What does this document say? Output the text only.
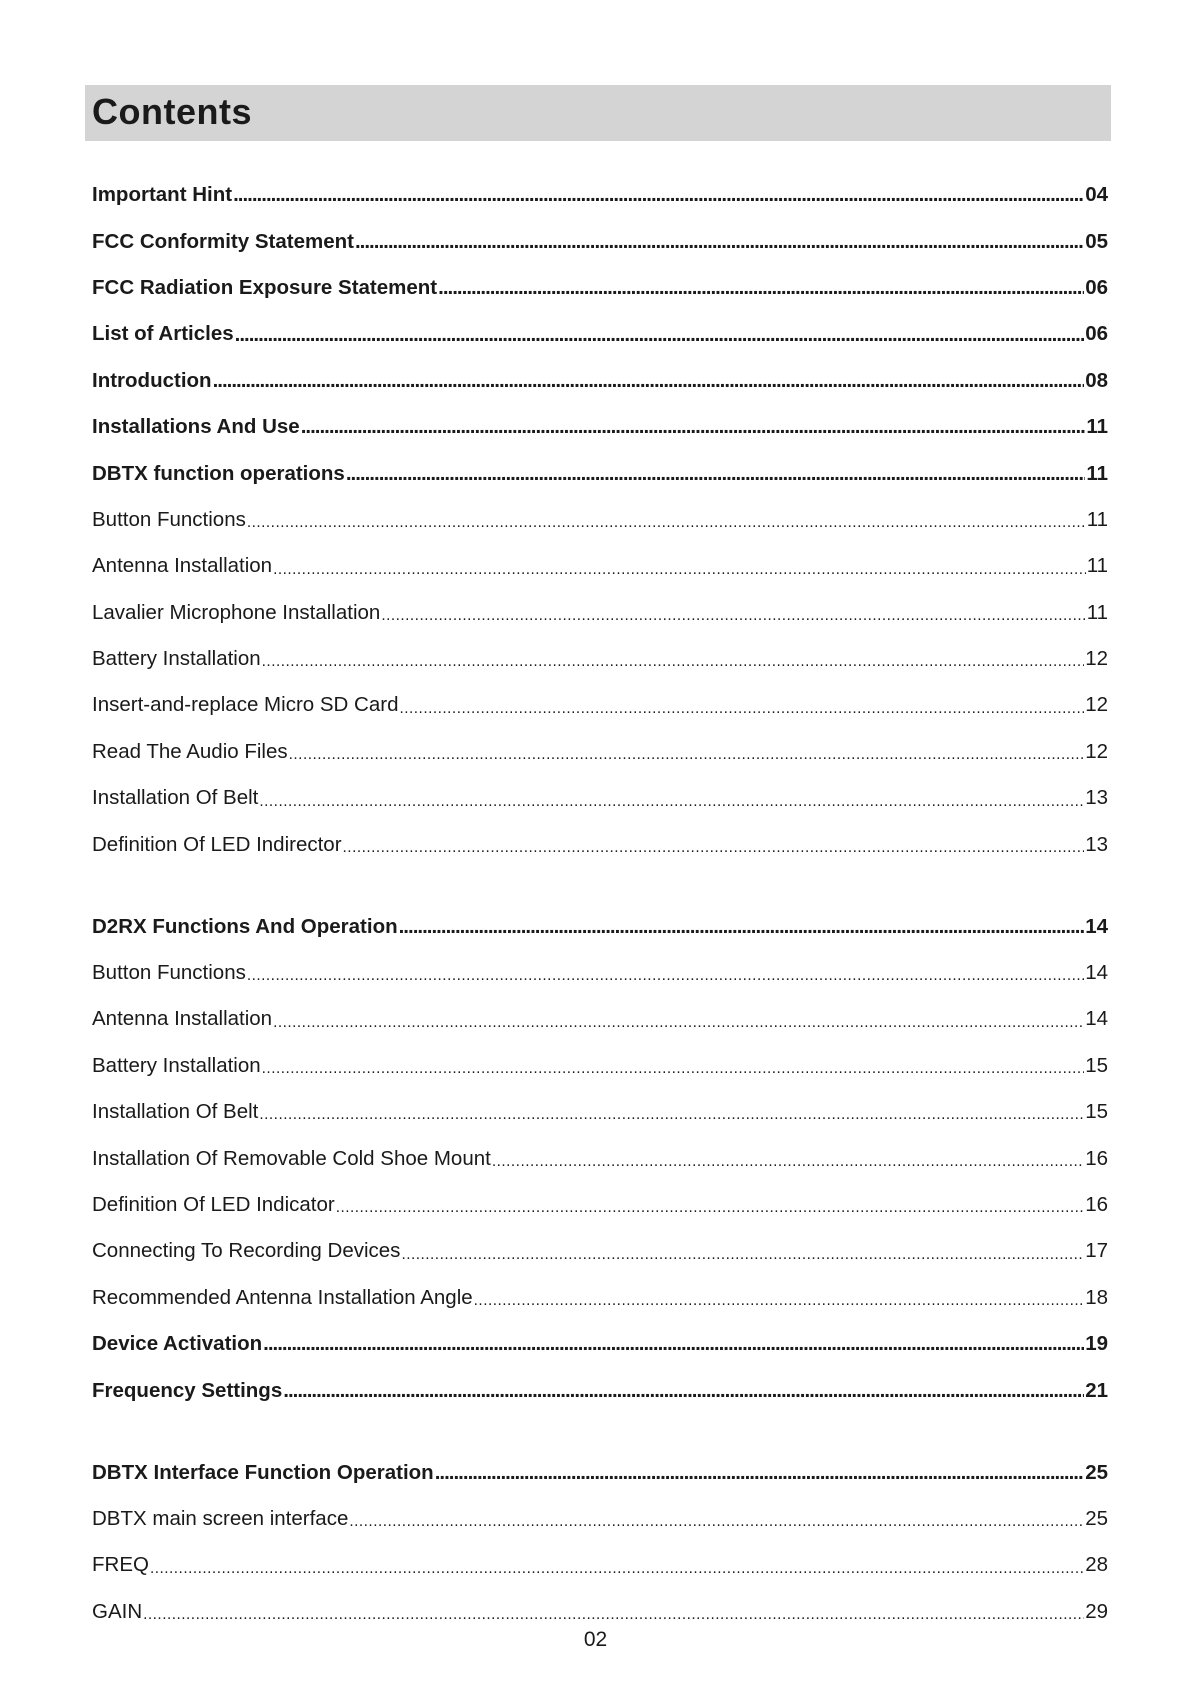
Contents
Important Hint .....	04
FCC Conformity Statement .....	05
FCC Radiation Exposure Statement .....	06
List of Articles .....	06
Introduction .....	08
Installations And Use .....	11
DBTX function operations .....	11
Button Functions .....	11
Antenna Installation .....	11
Lavalier Microphone Installation .....	11
Battery Installation .....	12
Insert-and-replace Micro SD Card .....	12
Read The Audio Files .....	12
Installation Of Belt .....	13
Definition Of LED Indirector .....	13
D2RX Functions And Operation .....	14
Button Functions .....	14
Antenna Installation .....	14
Battery Installation .....	15
Installation Of Belt .....	15
Installation Of Removable Cold Shoe Mount .....	16
Definition Of LED Indicator .....	16
Connecting To Recording Devices .....	17
Recommended Antenna Installation Angle .....	18
Device Activation .....	19
Frequency Settings .....	21
DBTX Interface Function Operation .....	25
DBTX main screen interface .....	25
FREQ .....	28
GAIN .....	29
02
